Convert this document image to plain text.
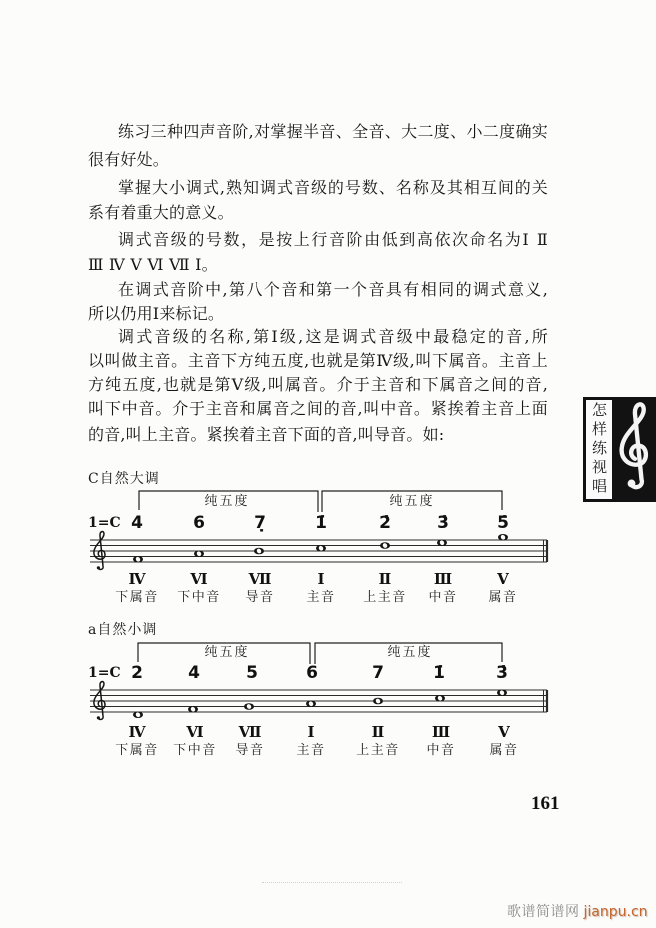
练习三种四声音阶,对掌握半音、全音、大二度、小二度确实
很有好处。
掌握大小调式,熟知调式音级的号数、名称及其相互间的关
系有着重大的意义。
调式音级的号数，是按上行音阶由低到高依次命名为Ⅰ Ⅱ
Ⅲ Ⅳ Ⅴ Ⅵ Ⅶ Ⅰ。
在调式音阶中,第八个音和第一个音具有相同的调式意义,
所以仍用Ⅰ来标记。
调式音级的名称,第Ⅰ级,这是调式音级中最稳定的音,所
以叫做主音。主音下方纯五度,也就是第Ⅳ级,叫下属音。主音上
方纯五度,也就是第Ⅴ级,叫属音。介于主音和下属音之间的音,
叫下中音。介于主音和属音之间的音,叫中音。紧挨着主音上面
的音,叫上主音。紧挨着主音下面的音,叫导音。如:	怎样练视唱
C自然大调
纯五度	纯五度
1=C 4	6	7̣	1̇	2̇	3̇	5̇
Ⅳ	Ⅵ	Ⅶ	Ⅰ	Ⅱ	Ⅲ	Ⅴ
下属音	下中音	导音	主音	上主音	中音	属音
a自然小调
纯五度	纯五度
1=C 2	4	5	6	7	1̇	3̇
Ⅳ	Ⅵ	Ⅶ	Ⅰ	Ⅱ	Ⅲ	Ⅴ
下属音	下中音	导音	主音	上主音	中音	属音
161
歌谱简谱网 jianpu.cn
